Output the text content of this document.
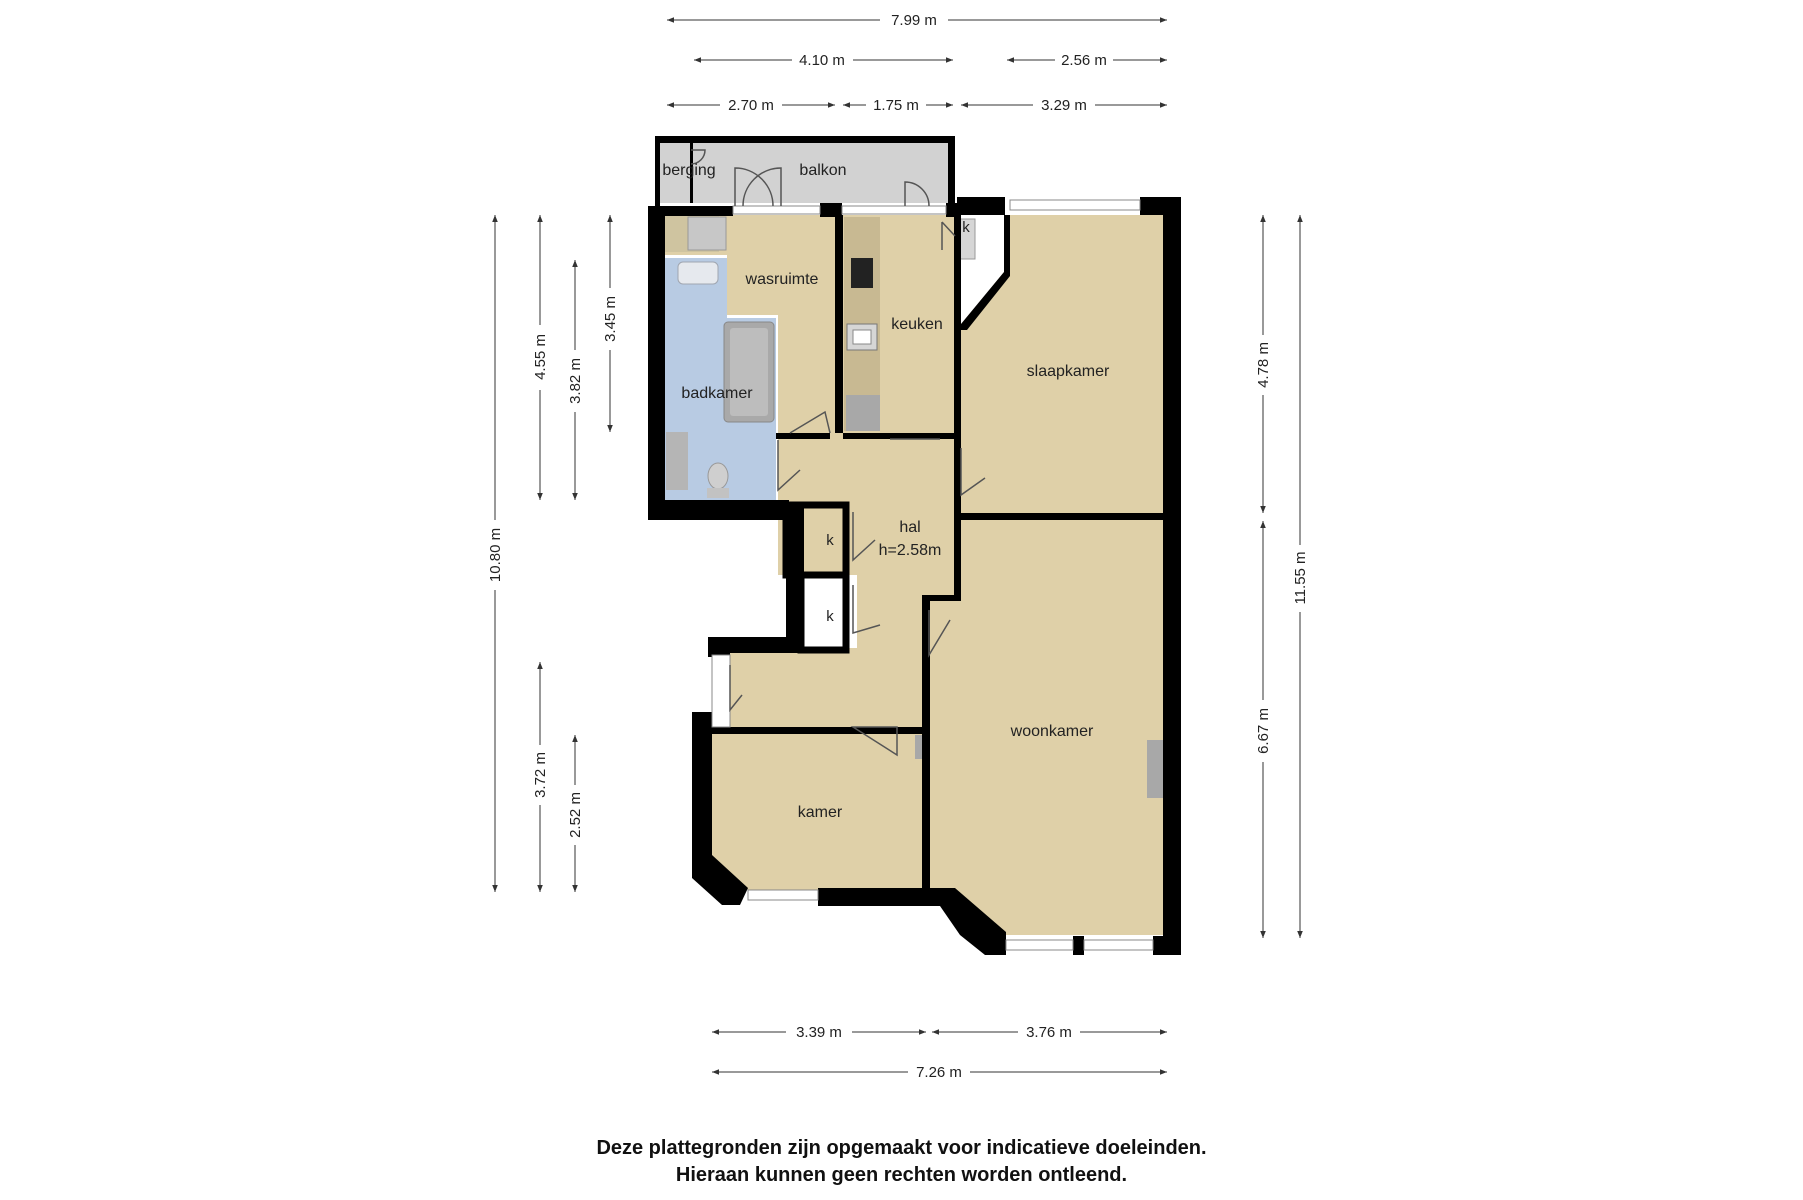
7.99 m
4.10 m	2.56 m
2.70 m	1.75 m	3.29 m
10.80 m
4.55 m
3.82 m
3.45 m
3.72 m
2.52 m
4.78 m
6.67 m
11.55 m
3.39 m	3.76 m
7.26 m
berging	balkon
wasruimte
keuken
badkamer
slaapkamer
hal
h=2.58m
k
k
k
woonkamer
kamer
Deze plattegronden zijn opgemaakt voor indicatieve doeleinden.
Hieraan kunnen geen rechten worden ontleend.
